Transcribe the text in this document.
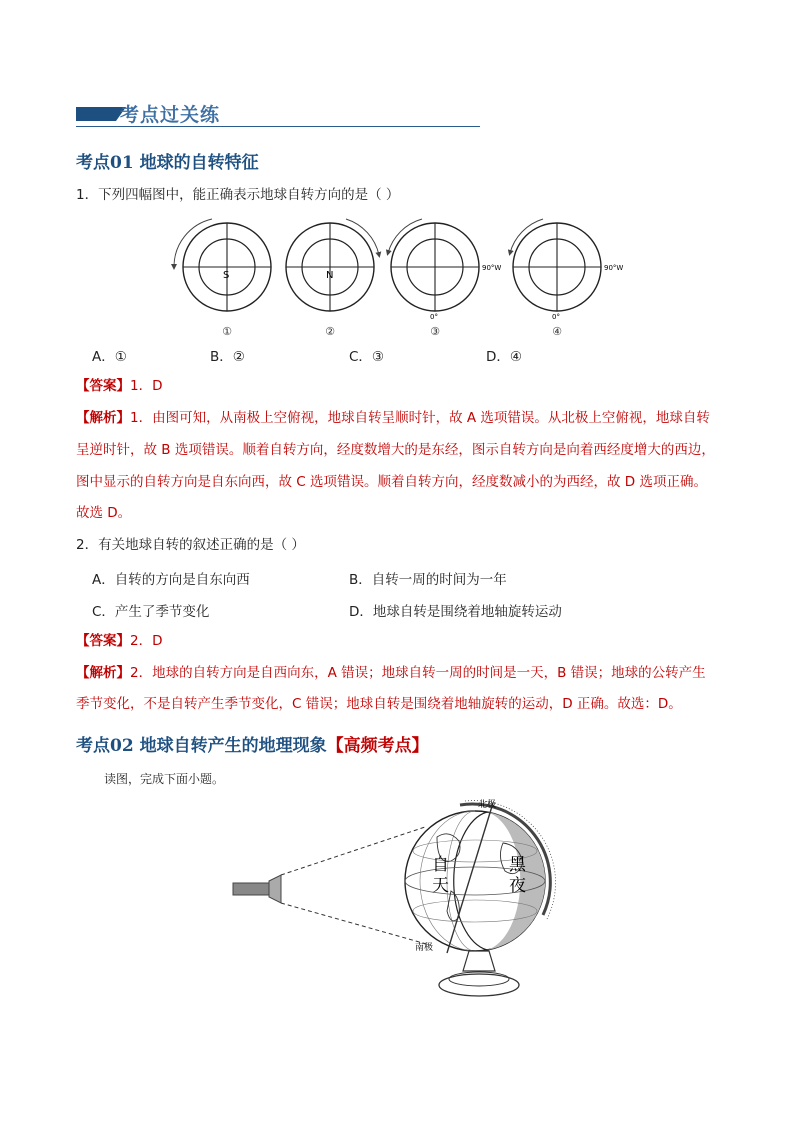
考点过关练
考点01 地球的自转特征
1．下列四幅图中，能正确表示地球自转方向的是（ ）
S	N
90°W
0°
90°W
0°
①	②	③	④
A．①	B．②	C．③	D．④
【答案】1．D
【解析】1．由图可知，从南极上空俯视，地球自转呈顺时针，故 A 选项错误。从北极上空俯视，地球自转
呈逆时针，故 B 选项错误。顺着自转方向，经度数增大的是东经，图示自转方向是向着西经度增大的西边，
图中显示的自转方向是自东向西，故 C 选项错误。顺着自转方向，经度数减小的为西经，故 D 选项正确。
故选 D。
2．有关地球自转的叙述正确的是（ ）
A．自转的方向是自东向西	B．自转一周的时间为一年
C．产生了季节变化	D．地球自转是围绕着地轴旋转运动
【答案】2．D
【解析】2．地球的自转方向是自西向东，A 错误；地球自转一周的时间是一天，B 错误；地球的公转产生
季节变化，不是自转产生季节变化，C 错误；地球自转是围绕着地轴旋转的运动，D 正确。故选：D。
考点02 地球自转产生的地理现象【高频考点】
读图，完成下面小题。
北极
南极
自
天
黑
夜
